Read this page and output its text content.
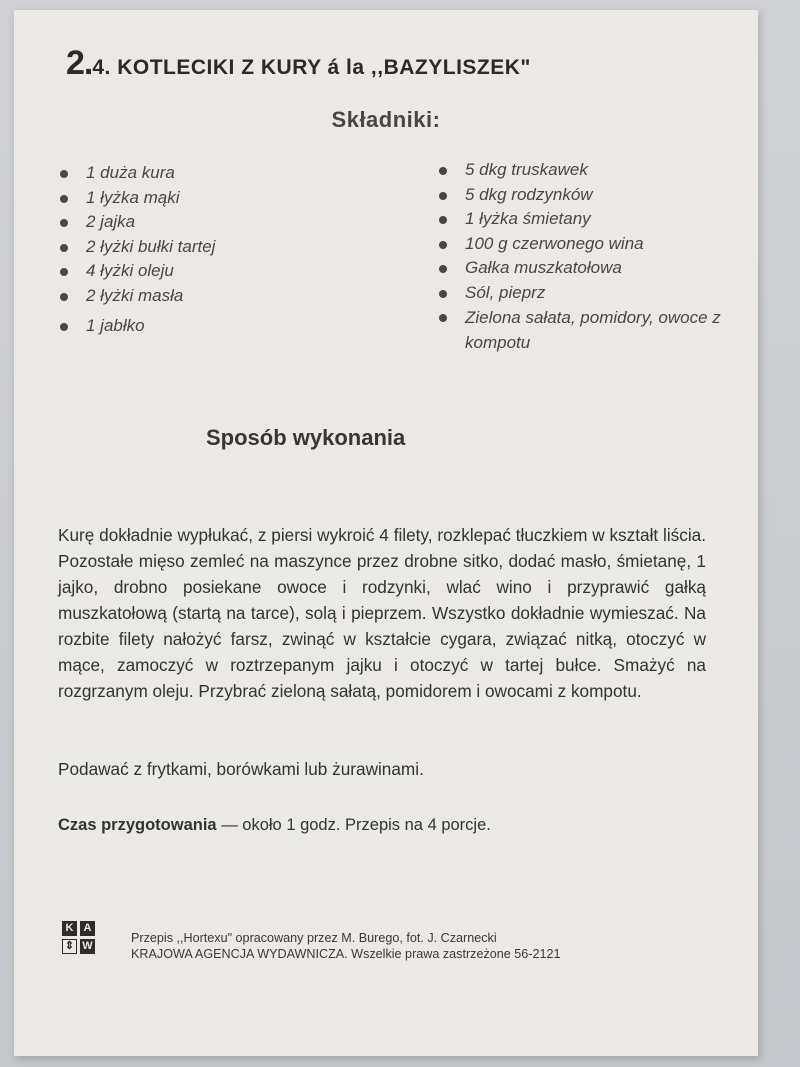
2.4. KOTLECIKI Z KURY á la ,,BAZYLISZEK"
Składniki:
1 duża kura
1 łyżka mąki
2 jajka
2 łyżki bułki tartej
4 łyżki oleju
2 łyżki masła
1 jabłko
5 dkg truskawek
5 dkg rodzynków
1 łyżka śmietany
100 g czerwonego wina
Gałka muszkatołowa
Sól, pieprz
Zielona sałata, pomidory, owoce z kompotu
Sposób wykonania

Kurę dokładnie wypłukać, z piersi wykroić 4 filety, rozklepać tłuczkiem w kształt liścia. Pozostałe mięso zemleć na maszynce przez drobne sitko, dodać masło, śmietanę, 1 jajko, drobno posiekane owoce i rodzynki, wlać wino i przyprawić gałką muszkatołową (startą na tarce), solą i pieprzem. Wszystko dokładnie wymieszać. Na rozbite filety nałożyć farsz, zwinąć w kształcie cygara, związać nitką, otoczyć w mące, zamoczyć w roztrzepanym jajku i otoczyć w tartej bułce. Smażyć na rozgrzanym oleju. Przybrać zieloną sałatą, pomidorem i owocami z kompotu.

Podawać z frytkami, borówkami lub żurawinami.

Czas przygotowania — około 1 godz. Przepis na 4 porcje.
K A
⇕ W
Przepis ,,Hortexu" opracowany przez M. Burego, fot. J. Czarnecki
KRAJOWA AGENCJA WYDAWNICZA. Wszelkie prawa zastrzeżone 56-2121
